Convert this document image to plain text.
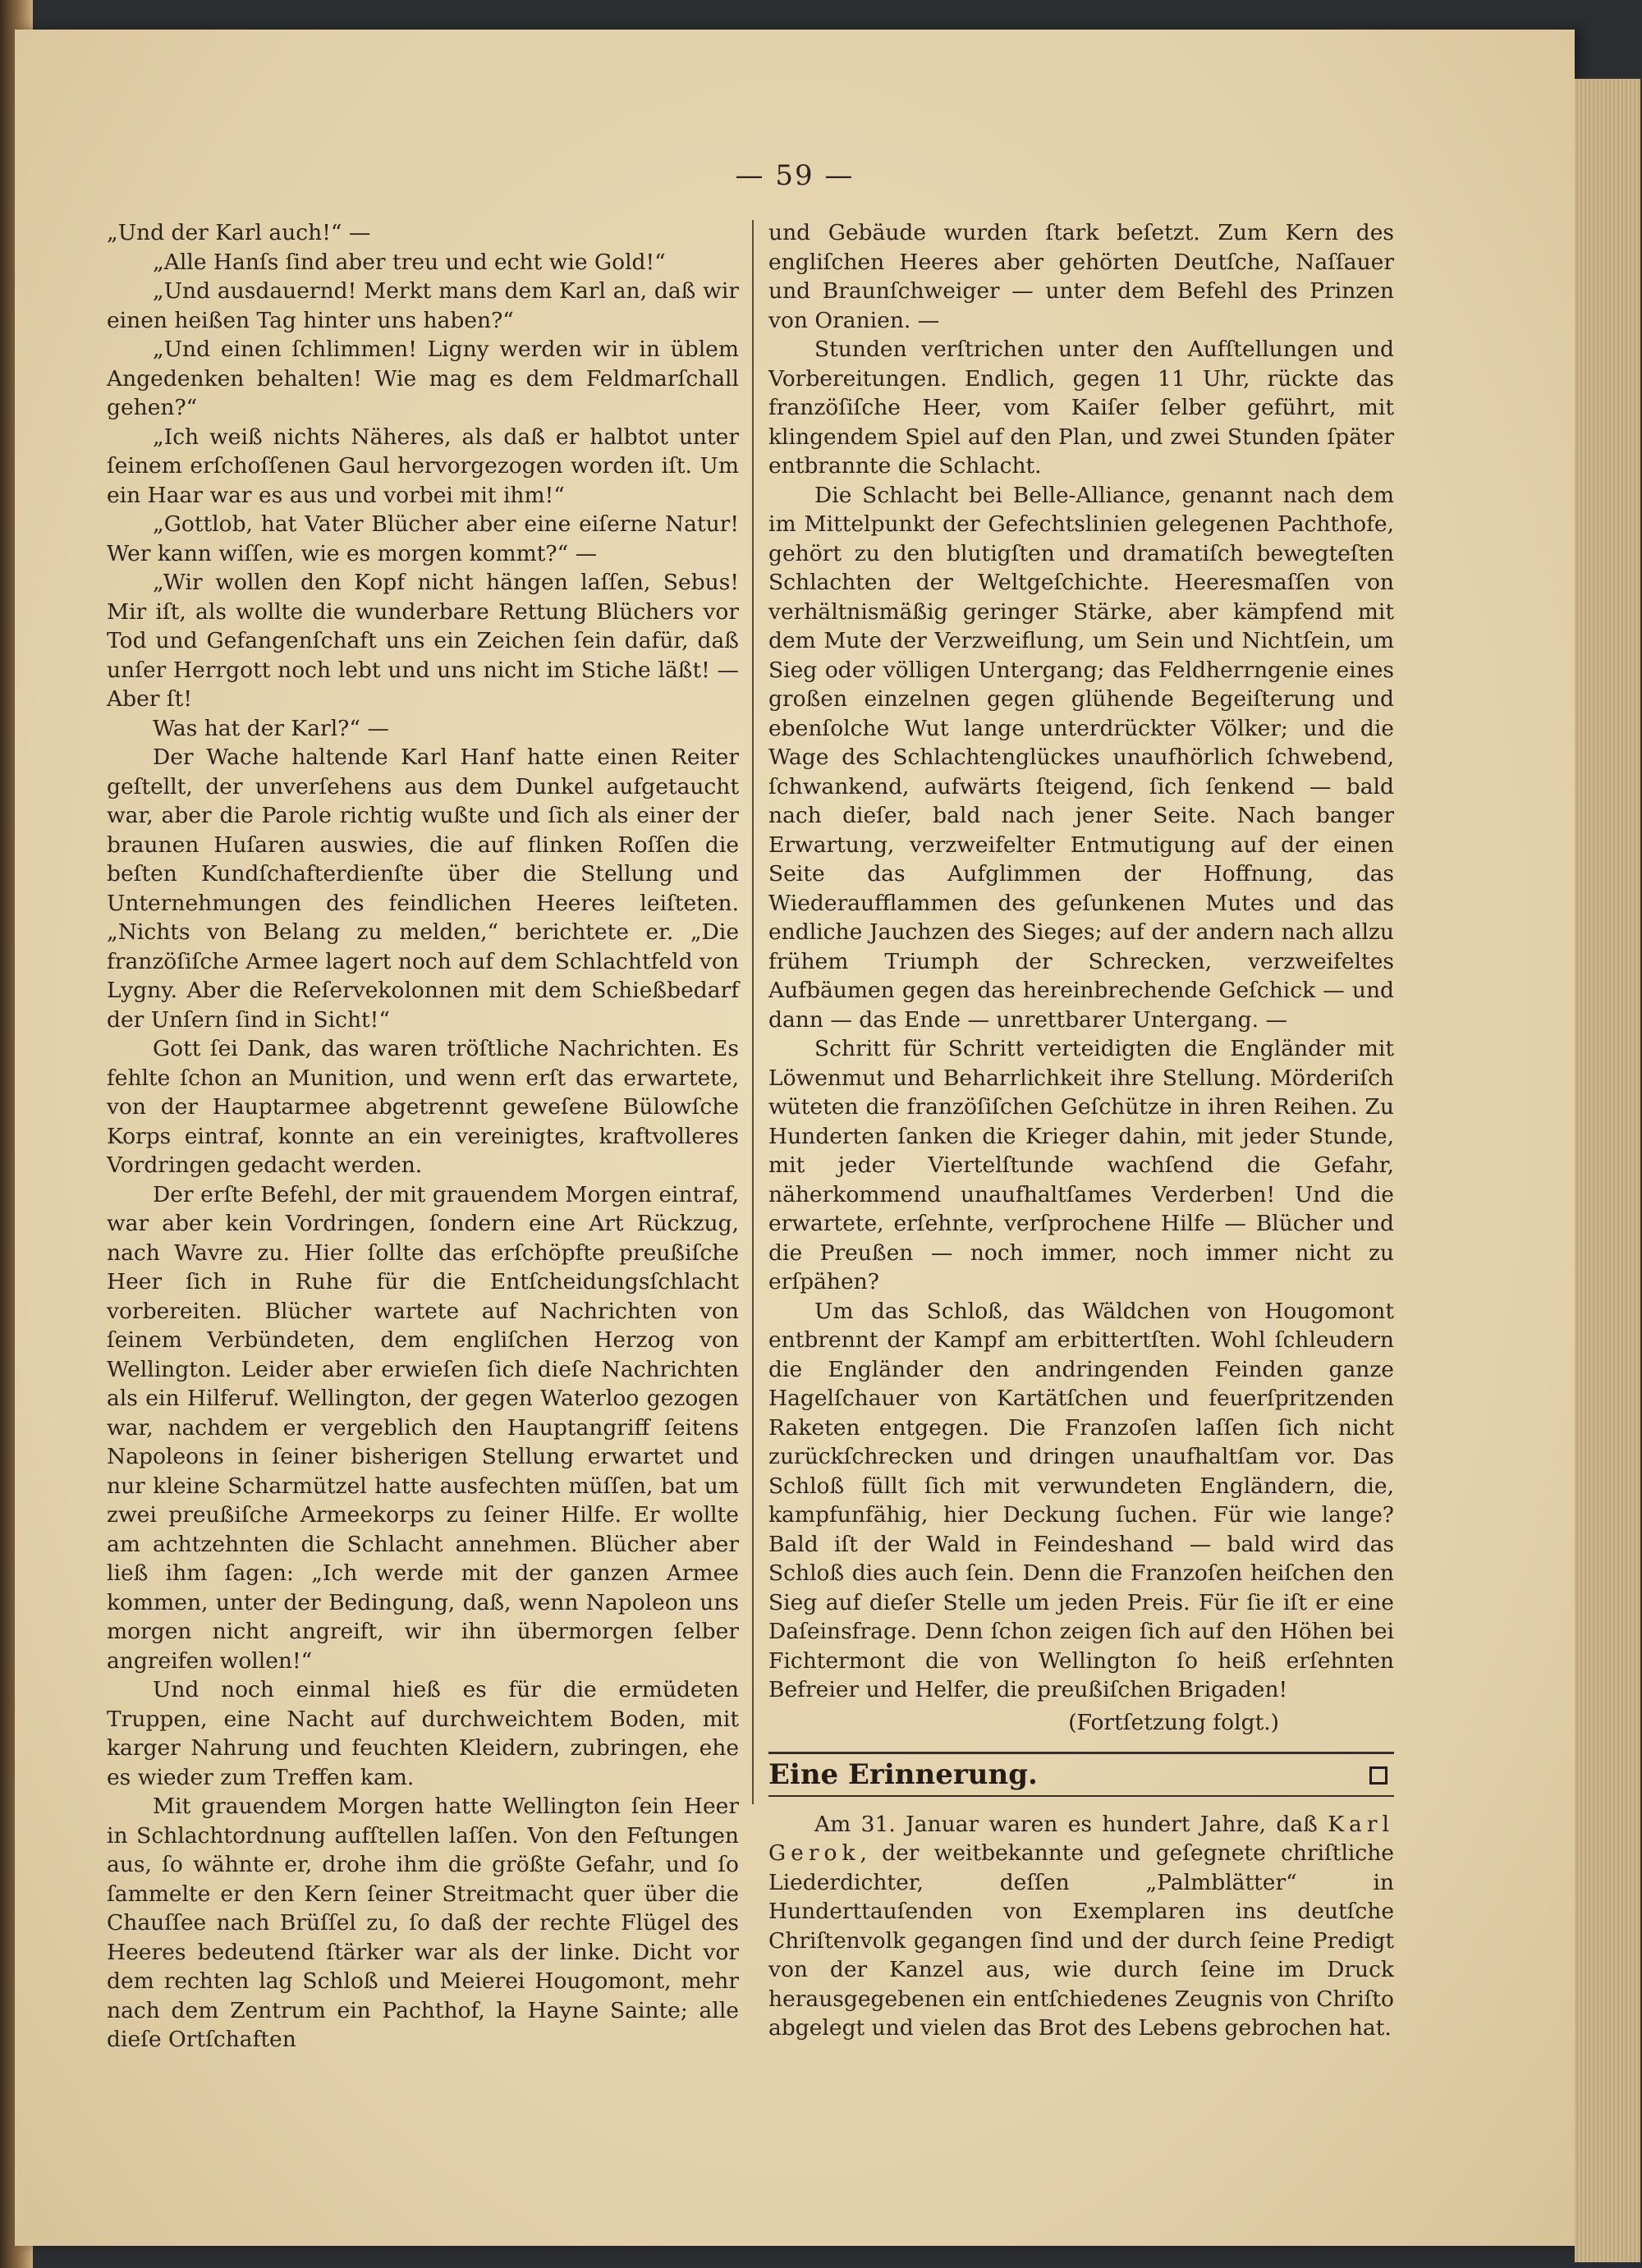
— 59 —

„Und der Karl auch!“ —

„Alle Hanſs ſind aber treu und echt wie Gold!“

„Und ausdauernd! Merkt mans dem Karl an, daß wir einen heißen Tag hinter uns haben?“

„Und einen ſchlimmen! Ligny werden wir in üblem Angedenken behalten! Wie mag es dem Feldmarſchall gehen?“

„Ich weiß nichts Näheres, als daß er halbtot unter ſeinem erſchoſſenen Gaul hervorgezogen worden iſt. Um ein Haar war es aus und vorbei mit ihm!“

„Gottlob, hat Vater Blücher aber eine eiſerne Natur! Wer kann wiſſen, wie es morgen kommt?“ —

„Wir wollen den Kopf nicht hängen laſſen, Sebus! Mir iſt, als wollte die wunderbare Rettung Blüchers vor Tod und Gefangenſchaft uns ein Zeichen ſein dafür, daß unſer Herrgott noch lebt und uns nicht im Stiche läßt! — Aber ſt!

Was hat der Karl?“ —

Der Wache haltende Karl Hanf hatte einen Reiter geſtellt, der unverſehens aus dem Dunkel aufgetaucht war, aber die Parole richtig wußte und ſich als einer der braunen Huſaren auswies, die auf flinken Roſſen die beſten Kundſchafterdienſte über die Stellung und Unternehmungen des feindlichen Heeres leiſteten. „Nichts von Belang zu melden,“ berichtete er. „Die franzöſiſche Armee lagert noch auf dem Schlachtfeld von Lygny. Aber die Reſervekolonnen mit dem Schießbedarf der Unſern ſind in Sicht!“

Gott ſei Dank, das waren tröſtliche Nachrichten. Es fehlte ſchon an Munition, und wenn erſt das erwartete, von der Hauptarmee abgetrennt geweſene Bülowſche Korps eintraf, konnte an ein vereinigtes, kraftvolleres Vordringen gedacht werden.

Der erſte Befehl, der mit grauendem Morgen eintraf, war aber kein Vordringen, ſondern eine Art Rückzug, nach Wavre zu. Hier ſollte das erſchöpfte preußiſche Heer ſich in Ruhe für die Entſcheidungsſchlacht vorbereiten. Blücher wartete auf Nachrichten von ſeinem Verbündeten, dem engliſchen Herzog von Wellington. Leider aber erwieſen ſich dieſe Nachrichten als ein Hilferuf. Wellington, der gegen Waterloo gezogen war, nachdem er vergeblich den Hauptangriff ſeitens Napoleons in ſeiner bisherigen Stellung erwartet und nur kleine Scharmützel hatte ausfechten müſſen, bat um zwei preußiſche Armeekorps zu ſeiner Hilfe. Er wollte am achtzehnten die Schlacht annehmen. Blücher aber ließ ihm ſagen: „Ich werde mit der ganzen Armee kommen, unter der Bedingung, daß, wenn Napoleon uns morgen nicht angreift, wir ihn übermorgen ſelber angreifen wollen!“

Und noch einmal hieß es für die ermüdeten Truppen, eine Nacht auf durchweichtem Boden, mit karger Nahrung und feuchten Kleidern, zubringen, ehe es wieder zum Treffen kam.

Mit grauendem Morgen hatte Wellington ſein Heer in Schlachtordnung aufſtellen laſſen. Von den Feſtungen aus, ſo wähnte er, drohe ihm die größte Gefahr, und ſo ſammelte er den Kern ſeiner Streitmacht quer über die Chauſſee nach Brüſſel zu, ſo daß der rechte Flügel des Heeres bedeutend ſtärker war als der linke. Dicht vor dem rechten lag Schloß und Meierei Hougomont, mehr nach dem Zentrum ein Pachthof, la Hayne Sainte; alle dieſe Ortſchaften

und Gebäude wurden ſtark beſetzt. Zum Kern des engliſchen Heeres aber gehörten Deutſche, Naſſauer und Braunſchweiger — unter dem Befehl des Prinzen von Oranien. —

Stunden verſtrichen unter den Aufſtellungen und Vorbereitungen. Endlich, gegen 11 Uhr, rückte das franzöſiſche Heer, vom Kaiſer ſelber geführt, mit klingendem Spiel auf den Plan, und zwei Stunden ſpäter entbrannte die Schlacht.

Die Schlacht bei Belle-Alliance, genannt nach dem im Mittelpunkt der Gefechtslinien gelegenen Pachthofe, gehört zu den blutigſten und dramatiſch bewegteſten Schlachten der Weltgeſchichte. Heeresmaſſen von verhältnismäßig geringer Stärke, aber kämpfend mit dem Mute der Verzweiflung, um Sein und Nichtſein, um Sieg oder völligen Untergang; das Feldherrngenie eines großen einzelnen gegen glühende Begeiſterung und ebenſolche Wut lange unterdrückter Völker; und die Wage des Schlachtenglückes unaufhörlich ſchwebend, ſchwankend, aufwärts ſteigend, ſich ſenkend — bald nach dieſer, bald nach jener Seite. Nach banger Erwartung, verzweifelter Entmutigung auf der einen Seite das Aufglimmen der Hoffnung, das Wiederaufflammen des geſunkenen Mutes und das endliche Jauchzen des Sieges; auf der andern nach allzu frühem Triumph der Schrecken, verzweifeltes Aufbäumen gegen das hereinbrechende Geſchick — und dann — das Ende — unrettbarer Untergang. —

Schritt für Schritt verteidigten die Engländer mit Löwenmut und Beharrlichkeit ihre Stellung. Mörderiſch wüteten die franzöſiſchen Geſchütze in ihren Reihen. Zu Hunderten ſanken die Krieger dahin, mit jeder Stunde, mit jeder Viertelſtunde wachſend die Gefahr, näherkommend unaufhaltſames Verderben! Und die erwartete, erſehnte, verſprochene Hilfe — Blücher und die Preußen — noch immer, noch immer nicht zu erſpähen?

Um das Schloß, das Wäldchen von Hougomont entbrennt der Kampf am erbittertſten. Wohl ſchleudern die Engländer den andringenden Feinden ganze Hagelſchauer von Kartätſchen und feuerſpritzenden Raketen entgegen. Die Franzoſen laſſen ſich nicht zurückſchrecken und dringen unaufhaltſam vor. Das Schloß füllt ſich mit verwundeten Engländern, die, kampfunfähig, hier Deckung ſuchen. Für wie lange? Bald iſt der Wald in Feindeshand — bald wird das Schloß dies auch ſein. Denn die Franzoſen heiſchen den Sieg auf dieſer Stelle um jeden Preis. Für ſie iſt er eine Daſeinsfrage. Denn ſchon zeigen ſich auf den Höhen bei Fichtermont die von Wellington ſo heiß erſehnten Befreier und Helfer, die preußiſchen Brigaden!

(Fortſetzung folgt.)

Eine Erinnerung.

Am 31. Januar waren es hundert Jahre, daß Karl Gerok, der weitbekannte und geſegnete chriſtliche Liederdichter, deſſen „Palmblätter“ in Hunderttauſenden von Exemplaren ins deutſche Chriſtenvolk gegangen ſind und der durch ſeine Predigt von der Kanzel aus, wie durch ſeine im Druck herausgegebenen ein entſchiedenes Zeugnis von Chriſto abgelegt und vielen das Brot des Lebens gebrochen hat.
